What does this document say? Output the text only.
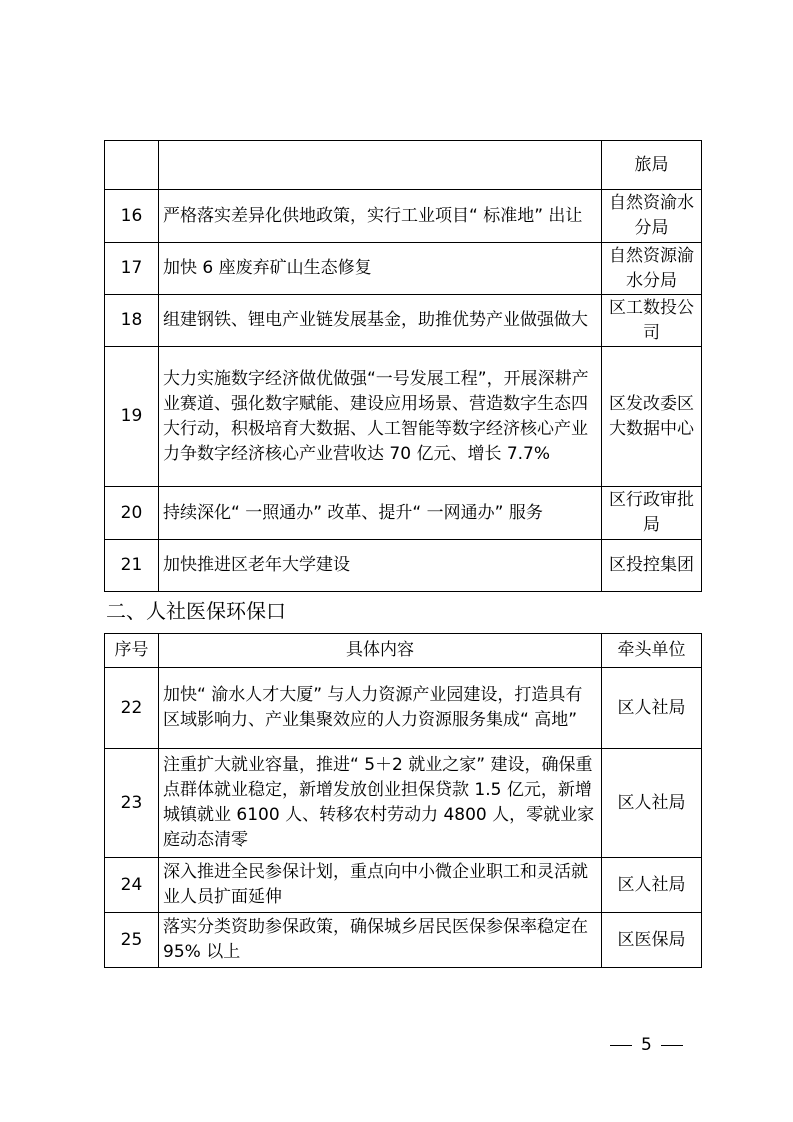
		旅局
16	严格落实差异化供地政策，实行工业项目“ 标准地” 出让	自然资渝水分局
17	加快 6 座废弃矿山生态修复	自然资源渝水分局
18	组建钢铁、锂电产业链发展基金，助推优势产业做强做大	区工数投公司
19	大力实施数字经济做优做强“一号发展工程”，开展深耕产业赛道、强化数字赋能、建设应用场景、营造数字生态四大行动，积极培育大数据、人工智能等数字经济核心产业　力争数字经济核心产业营收达 70 亿元、增长 7.7%	区发改委区大数据中心
20	持续深化“ 一照通办” 改革、提升“ 一网通办” 服务	区行政审批局
21	加快推进区老年大学建设	区投控集团
二、人社医保环保口
序号	具体内容	牵头单位
22	加快“ 渝水人才大厦” 与人力资源产业园建设，打造具有区域影响力、产业集聚效应的人力资源服务集成“ 高地”	区人社局
23	注重扩大就业容量，推进“ 5＋2 就业之家” 建设，确保重点群体就业稳定，新增发放创业担保贷款 1.5 亿元，新增城镇就业 6100 人、转移农村劳动力 4800 人，零就业家庭动态清零	区人社局
24	深入推进全民参保计划，重点向中小微企业职工和灵活就业人员扩面延伸	区人社局
25	落实分类资助参保政策，确保城乡居民医保参保率稳定在 95% 以上	区医保局
5
